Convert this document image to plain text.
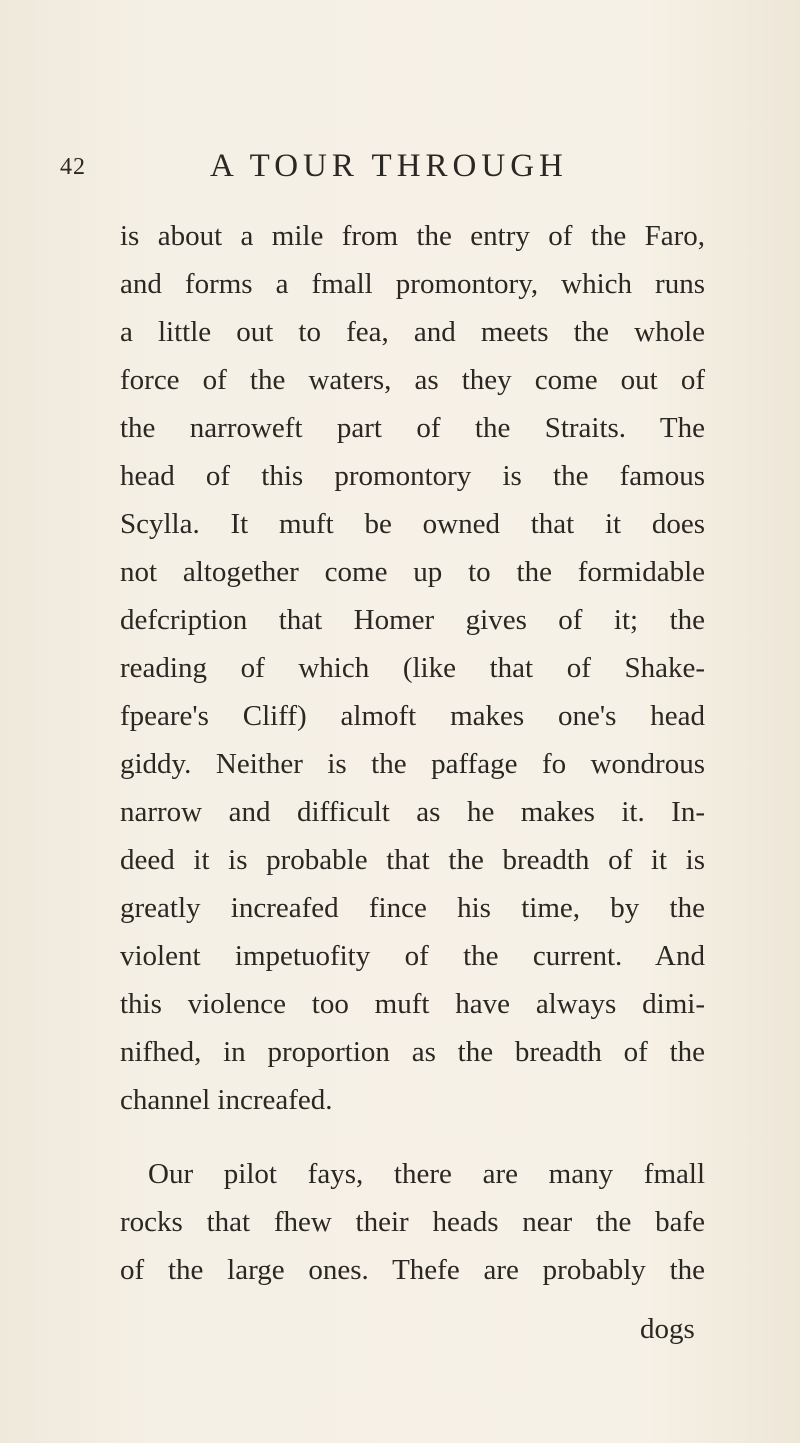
42	A TOUR THROUGH
is about a mile from the entry of the Faro,
and forms a fmall promontory, which runs
a little out to fea, and meets the whole
force of the waters, as they come out of
the narroweft part of the Straits. The
head of this promontory is the famous
Scylla. It muft be owned that it does
not altogether come up to the formidable
defcription that Homer gives of it; the
reading of which (like that of Shake-
fpeare's Cliff) almoft makes one's head
giddy. Neither is the paffage fo wondrous
narrow and difficult as he makes it. In-
deed it is probable that the breadth of it is
greatly increafed fince his time, by the
violent impetuofity of the current. And
this violence too muft have always dimi-
nifhed, in proportion as the breadth of the
channel increafed.
Our pilot fays, there are many fmall
rocks that fhew their heads near the bafe
of the large ones. Thefe are probably the
dogs
